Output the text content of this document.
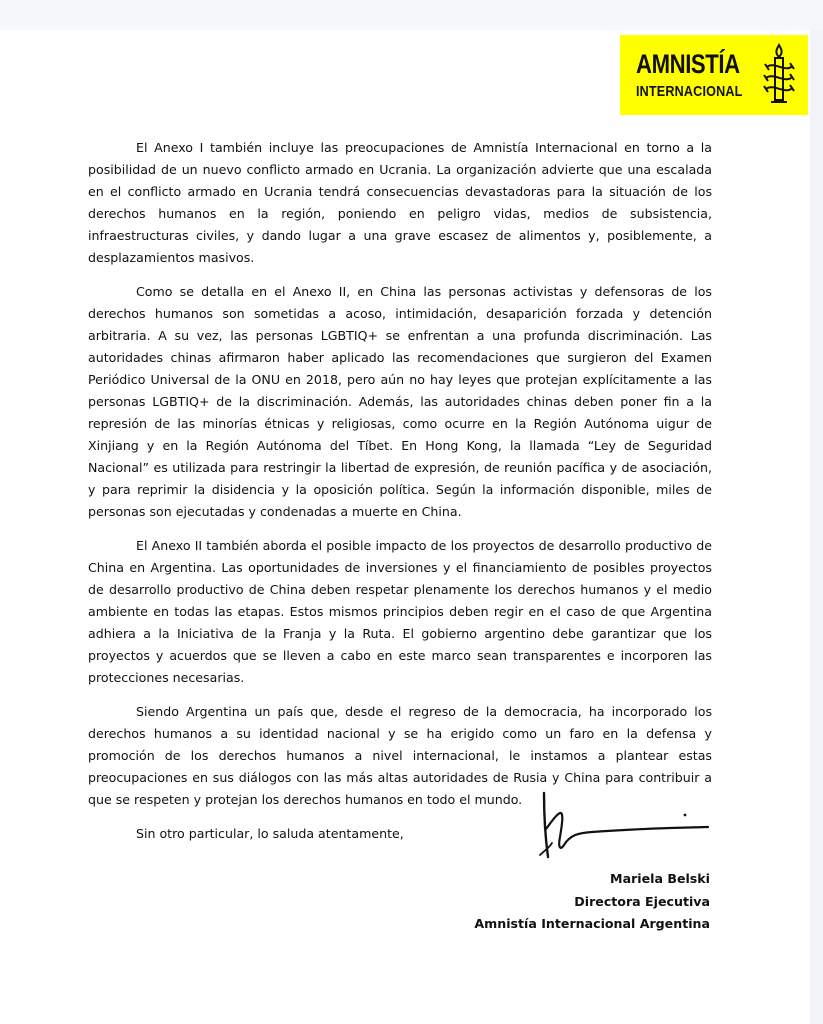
AMNISTÍA
INTERNACIONAL

El Anexo I también incluye las preocupaciones de Amnistía Internacional en torno a la posibilidad de un nuevo conflicto armado en Ucrania. La organización advierte que una escalada en el conflicto armado en Ucrania tendrá consecuencias devastadoras para la situación de los derechos humanos en la región, poniendo en peligro vidas, medios de subsistencia, infraestructuras civiles, y dando lugar a una grave escasez de alimentos y, posiblemente, a desplazamientos masivos.

Como se detalla en el Anexo II, en China las personas activistas y defensoras de los derechos humanos son sometidas a acoso, intimidación, desaparición forzada y detención arbitraria. A su vez, las personas LGBTIQ+ se enfrentan a una profunda discriminación. Las autoridades chinas afirmaron haber aplicado las recomendaciones que surgieron del Examen Periódico Universal de la ONU en 2018, pero aún no hay leyes que protejan explícitamente a las personas LGBTIQ+ de la discriminación. Además, las autoridades chinas deben poner fin a la represión de las minorías étnicas y religiosas, como ocurre en la Región Autónoma uigur de Xinjiang y en la Región Autónoma del Tíbet. En Hong Kong, la llamada “Ley de Seguridad Nacional” es utilizada para restringir la libertad de expresión, de reunión pacífica y de asociación, y para reprimir la disidencia y la oposición política. Según la información disponible, miles de personas son ejecutadas y condenadas a muerte en China.

El Anexo II también aborda el posible impacto de los proyectos de desarrollo productivo de China en Argentina. Las oportunidades de inversiones y el financiamiento de posibles proyectos de desarrollo productivo de China deben respetar plenamente los derechos humanos y el medio ambiente en todas las etapas. Estos mismos principios deben regir en el caso de que Argentina adhiera a la Iniciativa de la Franja y la Ruta. El gobierno argentino debe garantizar que los proyectos y acuerdos que se lleven a cabo en este marco sean transparentes e incorporen las protecciones necesarias.

Siendo Argentina un país que, desde el regreso de la democracia, ha incorporado los derechos humanos a su identidad nacional y se ha erigido como un faro en la defensa y promoción de los derechos humanos a nivel internacional, le instamos a plantear estas preocupaciones en sus diálogos con las más altas autoridades de Rusia y China para contribuir a que se respeten y protejan los derechos humanos en todo el mundo.

Sin otro particular, lo saluda atentamente,

Mariela Belski
Directora Ejecutiva
Amnistía Internacional Argentina
